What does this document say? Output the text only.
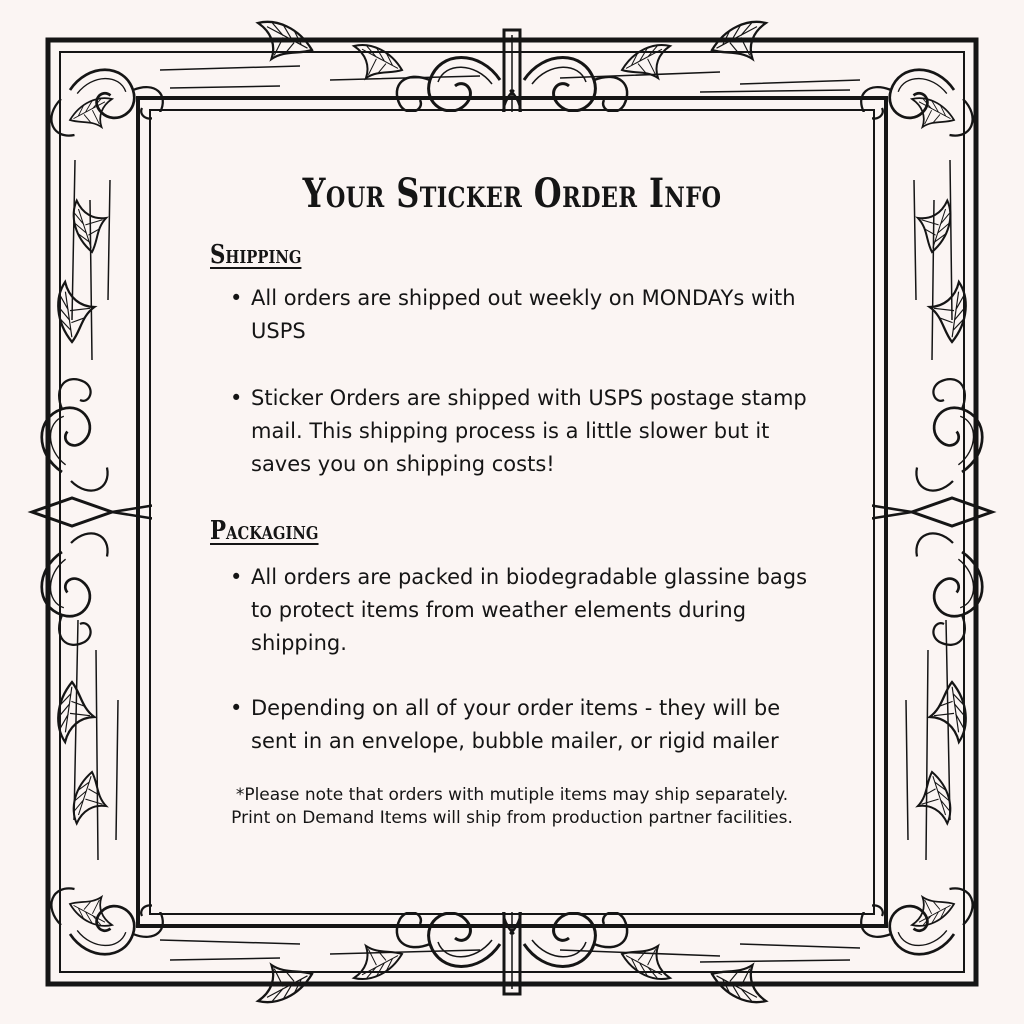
Your Sticker Order Info
Shipping
• All orders are shipped out weekly on MONDAYs with USPS
• Sticker Orders are shipped with USPS postage stamp mail. This shipping process is a little slower but it saves you on shipping costs!
Packaging
• All orders are packed in biodegradable glassine bags to protect items from weather elements during shipping.
• Depending on all of your order items - they will be sent in an envelope, bubble mailer, or rigid mailer
*Please note that orders with mutiple items may ship separately. Print on Demand Items will ship from production partner facilities.
